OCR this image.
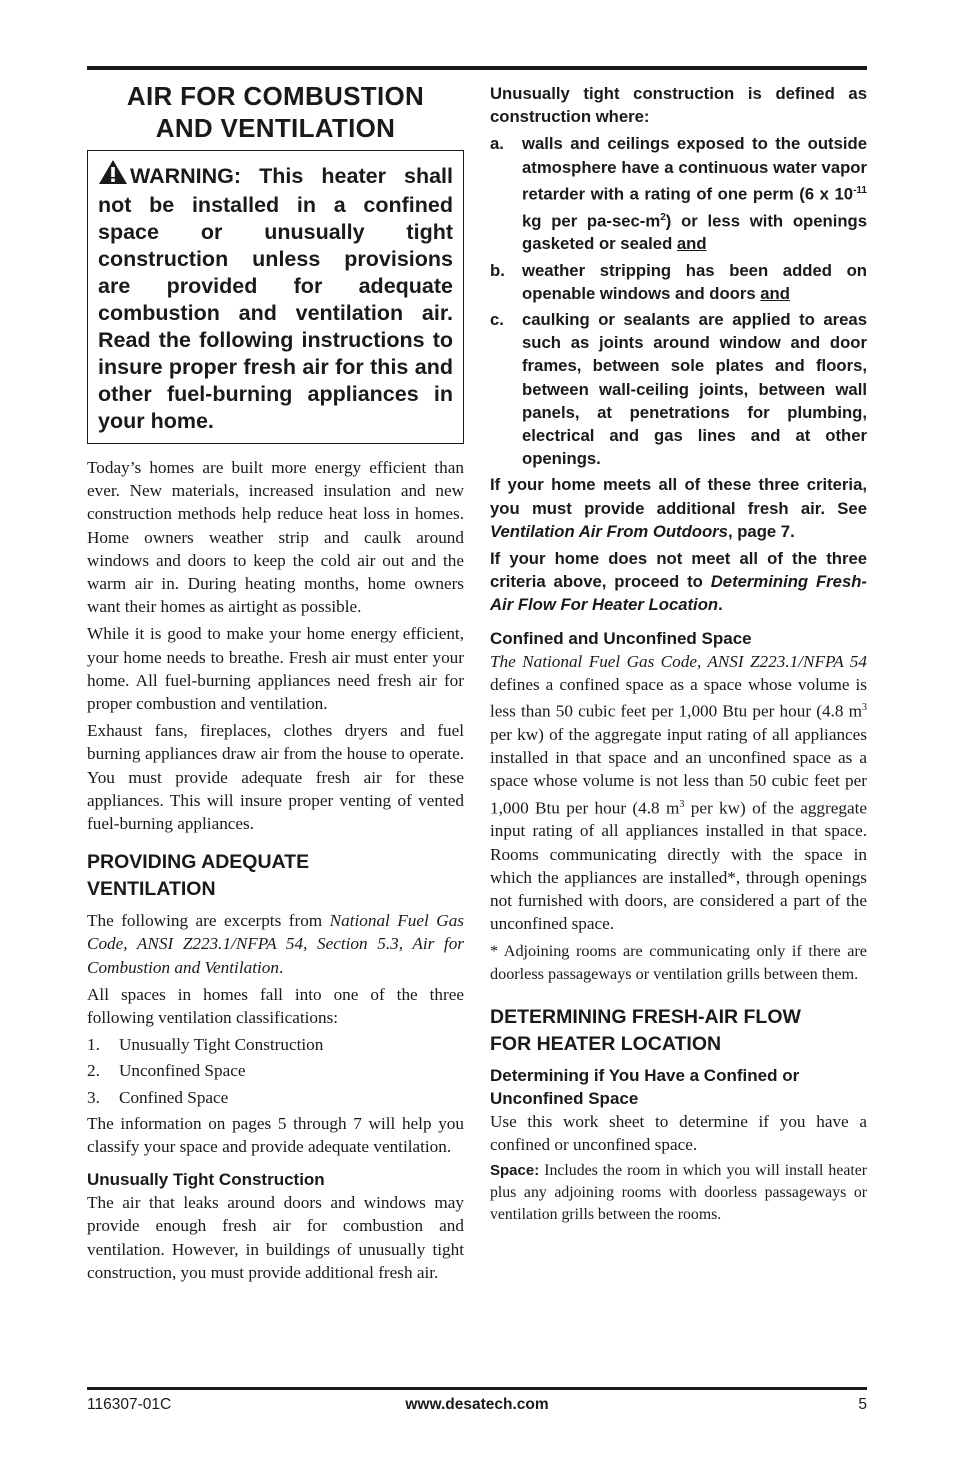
AIR FOR COMBUSTION
AND VENTILATION

WARNING: This heater shall not be installed in a confined space or unusually tight construction unless provisions are provided for adequate combustion and ventilation air. Read the following instructions to insure proper fresh air for this and other fuel-burning appliances in your home.

Today’s homes are built more energy efficient than ever. New materials, increased insulation and new construction methods help reduce heat loss in homes. Home owners weather strip and caulk around windows and doors to keep the cold air out and the warm air in. During heating months, home owners want their homes as airtight as possible.

While it is good to make your home energy efficient, your home needs to breathe. Fresh air must enter your home. All fuel-burning appliances need fresh air for proper combustion and ventilation.

Exhaust fans, fireplaces, clothes dryers and fuel burning appliances draw air from the house to operate. You must provide adequate fresh air for these appliances. This will insure proper venting of vented fuel-burning appliances.

PROVIDING ADEQUATE
VENTILATION

The following are excerpts from National Fuel Gas Code, ANSI Z223.1/NFPA 54, Section 5.3, Air for Combustion and Ventilation.

All spaces in homes fall into one of the three following ventilation classifications:

1.	Unusually Tight Construction
2.	Unconfined Space
3.	Confined Space

The information on pages 5 through 7 will help you classify your space and provide adequate ventilation.

Unusually Tight Construction

The air that leaks around doors and windows may provide enough fresh air for combustion and ventilation. However, in buildings of unusually tight construction, you must provide additional fresh air.

Unusually tight construction is defined as construction where:

a.	walls and ceilings exposed to the outside atmosphere have a continuous water vapor retarder with a rating of one perm (6 x $10^{-11}$ kg per $pa-\sec-m^2$) or less with openings gasketed or sealed and
b.	weather stripping has been added on openable windows and doors and
c.	caulking or sealants are applied to areas such as joints around window and door frames, between sole plates and floors, between wall-ceiling joints, between wall panels, at penetrations for plumbing, electrical and gas lines and at other openings.

If your home meets all of these three criteria, you must provide additional fresh air. See Ventilation Air From Outdoors, page 7.

If your home does not meet all of the three criteria above, proceed to Determining Fresh-Air Flow For Heater Location.

Confined and Unconfined Space

The National Fuel Gas Code, ANSI Z223.1/NFPA 54 defines a confined space as a space whose volume is less than 50 cubic feet per 1,000 Btu per hour (4.8 $m^3$ per kw) of the aggregate input rating of all appliances installed in that space and an unconfined space as a space whose volume is not less than 50 cubic feet per 1,000 Btu per hour (4.8 $m^3$ per kw) of the aggregate input rating of all appliances installed in that space. Rooms communicating directly with the space in which the appliances are installed*, through openings not furnished with doors, are considered a part of the unconfined space.

* Adjoining rooms are communicating only if there are doorless passageways or ventilation grills between them.

DETERMINING FRESH-AIR FLOW
FOR HEATER LOCATION
Determining if You Have a Confined or
Unconfined Space

Use this work sheet to determine if you have a confined or unconfined space.

Space: Includes the room in which you will install heater plus any adjoining rooms with doorless passageways or ventilation grills between the rooms.

116307-01C	www.desatech.com	5
